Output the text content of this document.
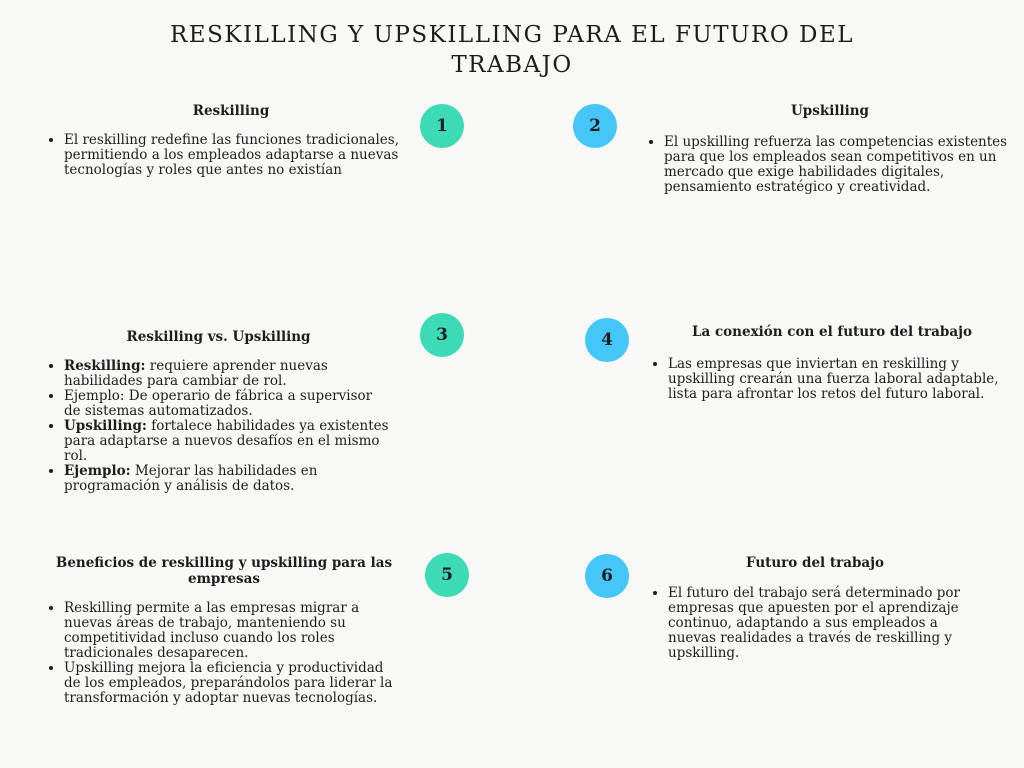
RESKILLING Y UPSKILLING PARA EL FUTURO DEL TRABAJO
Reskilling
• El reskilling redefine las funciones tradicionales, permitiendo a los empleados adaptarse a nuevas tecnologías y roles que antes no existían
1	2
Upskilling
• El upskilling refuerza las competencias existentes para que los empleados sean competitivos en un mercado que exige habilidades digitales, pensamiento estratégico y creatividad.
Reskilling vs. Upskilling
• Reskilling: requiere aprender nuevas habilidades para cambiar de rol.
• Ejemplo: De operario de fábrica a supervisor de sistemas automatizados.
• Upskilling: fortalece habilidades ya existentes para adaptarse a nuevos desafíos en el mismo rol.
• Ejemplo: Mejorar las habilidades en programación y análisis de datos.
3	4	La conexión con el futuro del trabajo
• Las empresas que inviertan en reskilling y upskilling crearán una fuerza laboral adaptable, lista para afrontar los retos del futuro laboral.
Beneficios de reskilling y upskilling para las empresas
• Reskilling permite a las empresas migrar a nuevas áreas de trabajo, manteniendo su competitividad incluso cuando los roles tradicionales desaparecen.
• Upskilling mejora la eficiencia y productividad de los empleados, preparándolos para liderar la transformación y adoptar nuevas tecnologías.
5	6
Futuro del trabajo
• El futuro del trabajo será determinado por empresas que apuesten por el aprendizaje continuo, adaptando a sus empleados a nuevas realidades a través de reskilling y upskilling.
